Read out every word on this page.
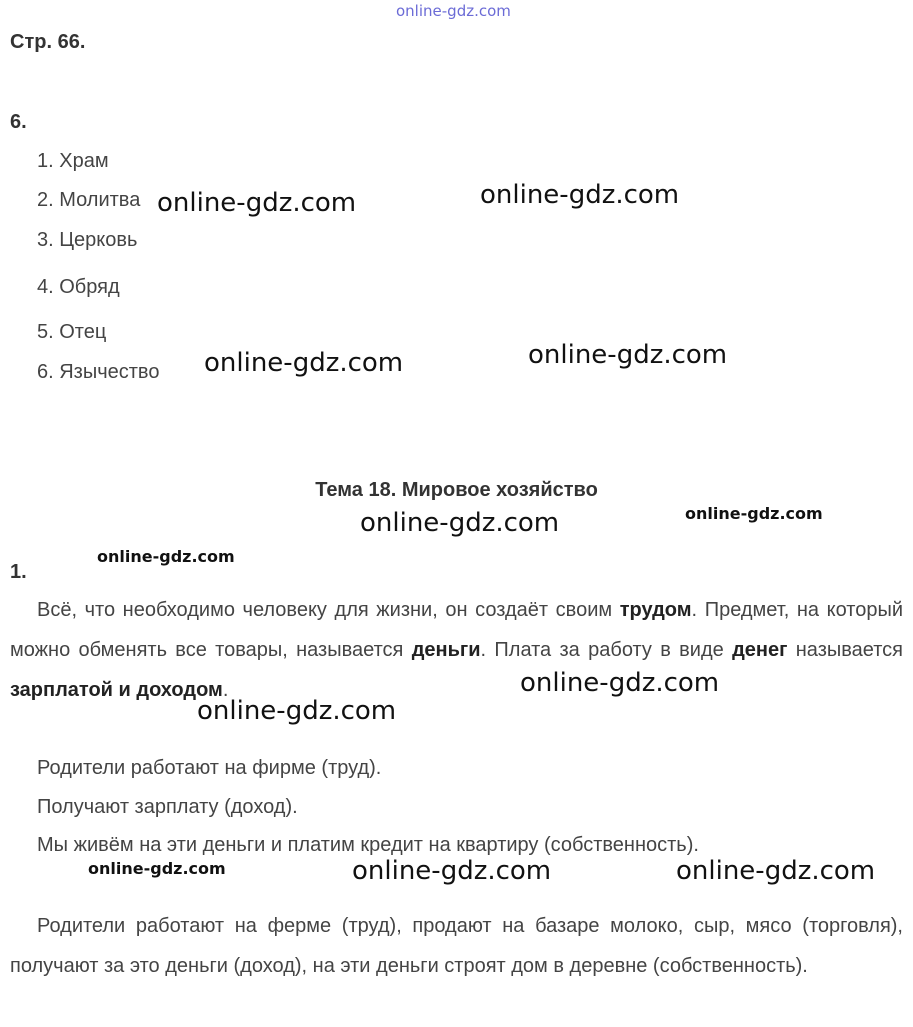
online-gdz.com
Стр. 66.
6.
1. Храм
2. Молитва
3. Церковь
4. Обряд
5. Отец
6. Язычество
Тема 18. Мировое хозяйство
1.
Всё, что необходимо человеку для жизни, он создаёт своим трудом. Предмет, на который можно обменять все товары, называется деньги. Плата за работу в виде денег называется зарплатой и доходом.
Родители работают на фирме (труд).
Получают зарплату (доход).
Мы живём на эти деньги и платим кредит на квартиру (собственность).
Родители работают на ферме (труд), продают на базаре молоко, сыр, мясо (торговля), получают за это деньги (доход), на эти деньги строят дом в деревне (собственность).
online-gdz.com	online-gdz.com
online-gdz.com	online-gdz.com
online-gdz.com	online-gdz.com
online-gdz.com
online-gdz.com
online-gdz.com
online-gdz.com	online-gdz.com	online-gdz.com
